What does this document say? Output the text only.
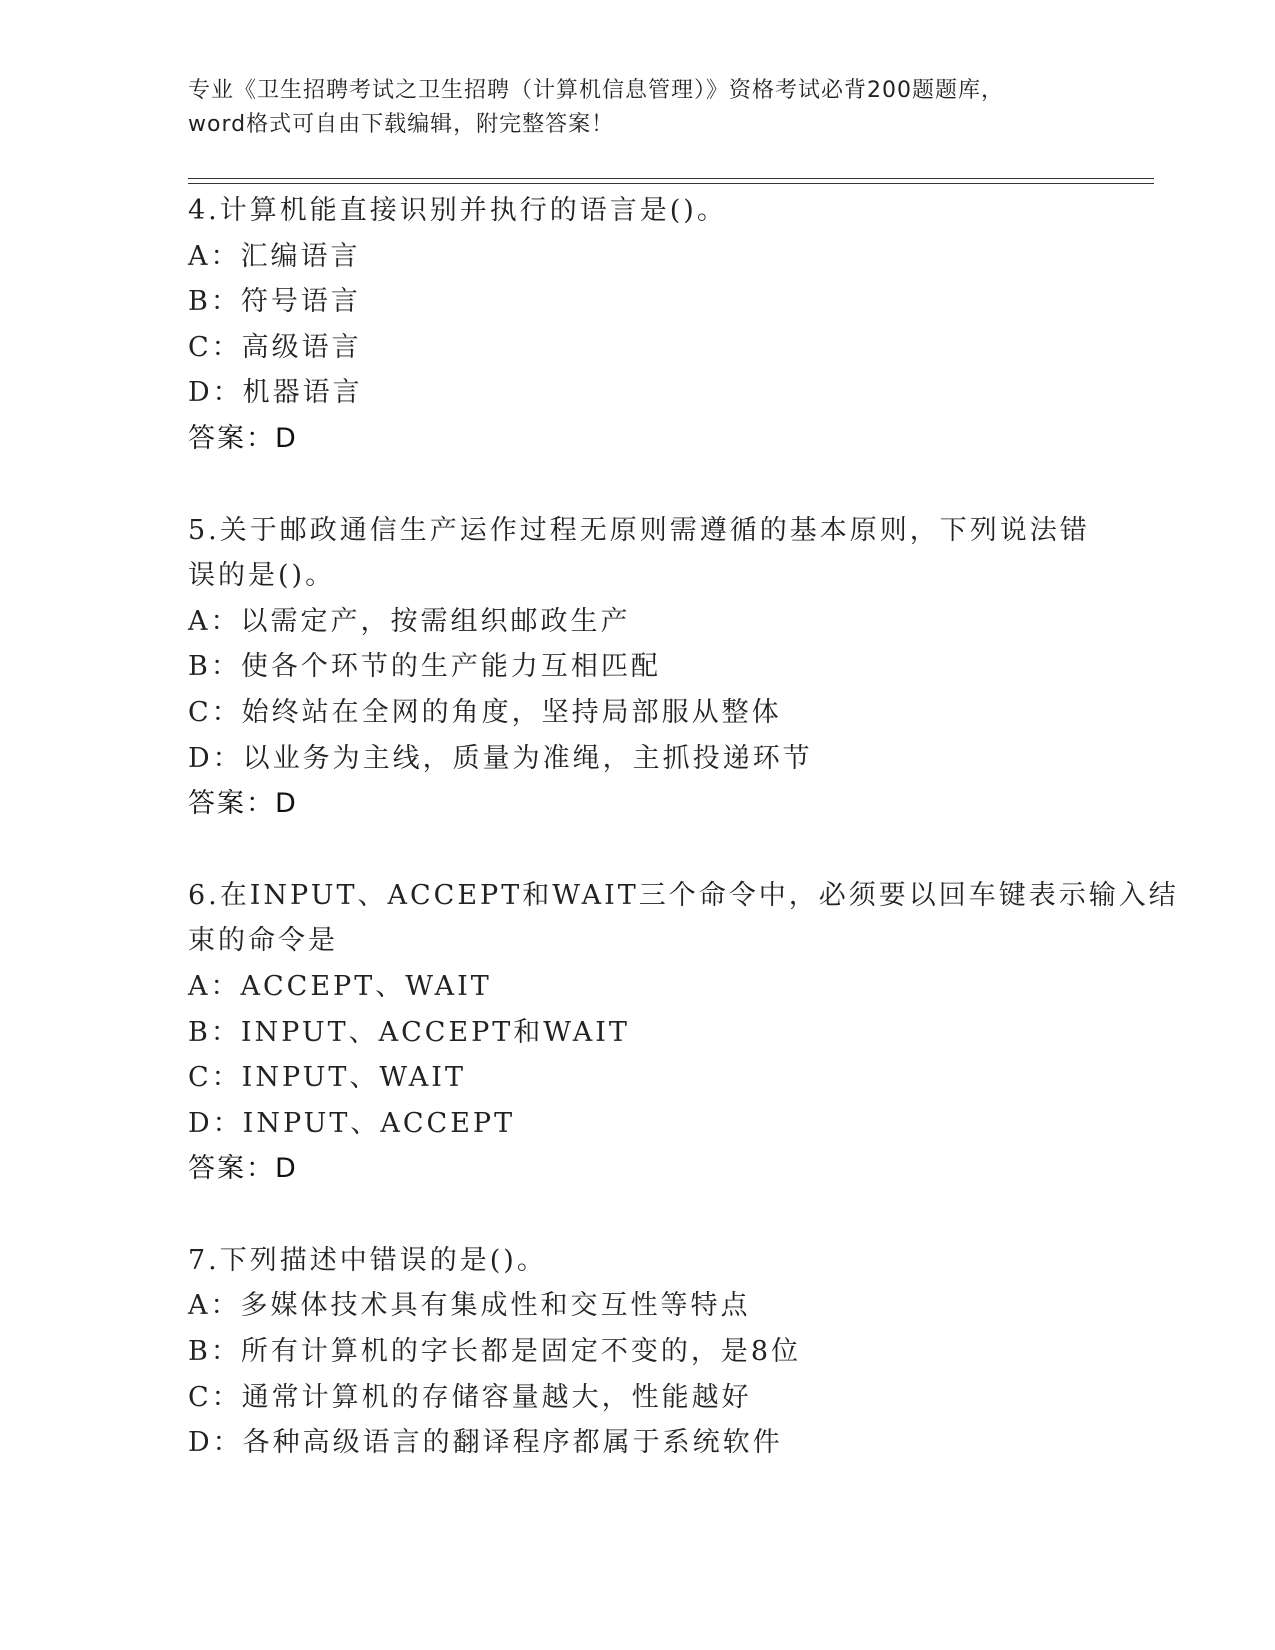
专业《卫生招聘考试之卫生招聘（计算机信息管理）》资格考试必背200题题库，
word格式可自由下载编辑，附完整答案！
4.计算机能直接识别并执行的语言是()。
A：汇编语言
B：符号语言
C：高级语言
D：机器语言
答案：D
5.关于邮政通信生产运作过程无原则需遵循的基本原则，下列说法错
误的是()。
A：以需定产，按需组织邮政生产
B：使各个环节的生产能力互相匹配
C：始终站在全网的角度，坚持局部服从整体
D：以业务为主线，质量为准绳，主抓投递环节
答案：D
6.在INPUT、ACCEPT和WAIT三个命令中，必须要以回车键表示输入结
束的命令是
A：ACCEPT、WAIT
B：INPUT、ACCEPT和WAIT
C：INPUT、WAIT
D：INPUT、ACCEPT
答案：D
7.下列描述中错误的是()。
A：多媒体技术具有集成性和交互性等特点
B：所有计算机的字长都是固定不变的，是8位
C：通常计算机的存储容量越大，性能越好
D：各种高级语言的翻译程序都属于系统软件
